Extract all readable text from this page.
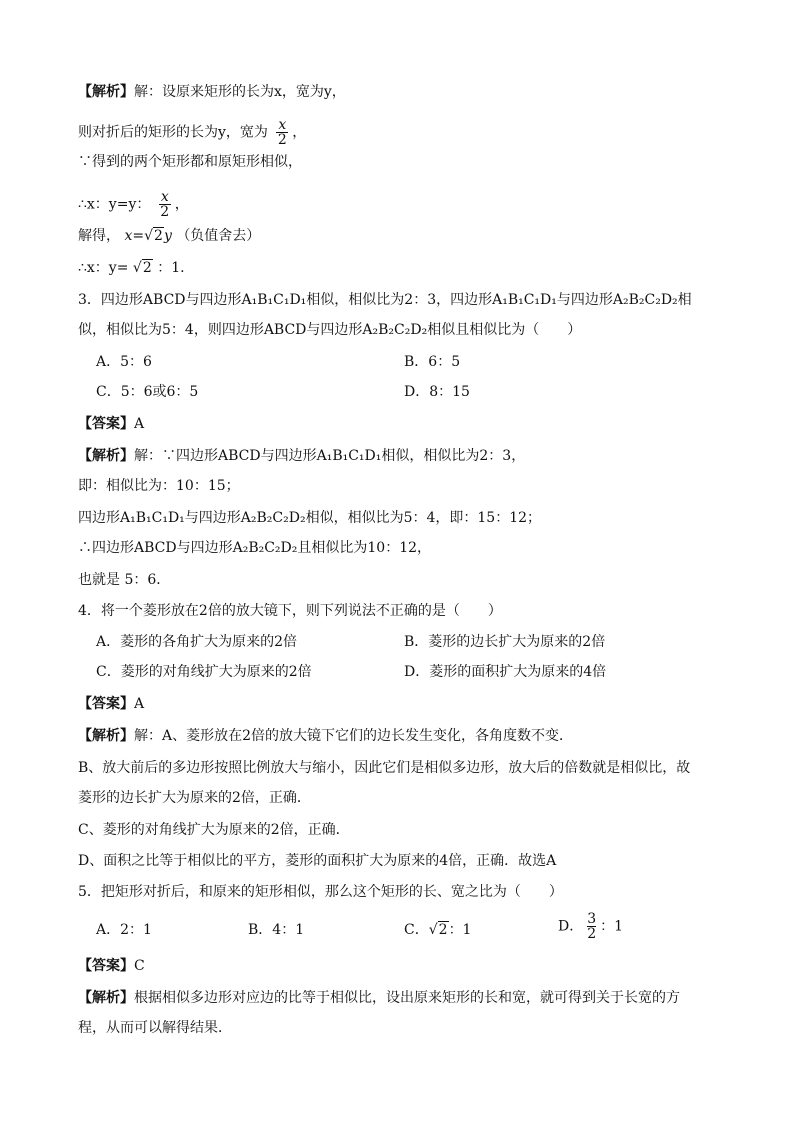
【解析】解：设原来矩形的长为x，宽为y，
则对折后的矩形的长为y，宽为 $\frac{x}{2}$ ，
∵得到的两个矩形都和原矩形相似，
∴x：y=y： $\frac{x}{2}$ ，
解得， x=√2y （负值舍去）
∴x：y= √2 ：1.
3．四边形ABCD与四边形A₁B₁C₁D₁相似，相似比为2：3，四边形A₁B₁C₁D₁与四边形A₂B₂C₂D₂相
似，相似比为5：4，则四边形ABCD与四边形A₂B₂C₂D₂相似且相似比为（　　）
A．5：6	B．6：5
C．5：6或6：5	D．8：15
【答案】A
【解析】解：∵四边形ABCD与四边形A₁B₁C₁D₁相似，相似比为2：3，
即：相似比为：10：15；
四边形A₁B₁C₁D₁与四边形A₂B₂C₂D₂相似，相似比为5：4，即：15：12；
∴四边形ABCD与四边形A₂B₂C₂D₂且相似比为10：12，
也就是 5：6．
4．将一个菱形放在2倍的放大镜下，则下列说法不正确的是（　　）
A．菱形的各角扩大为原来的2倍	B．菱形的边长扩大为原来的2倍
C．菱形的对角线扩大为原来的2倍	D．菱形的面积扩大为原来的4倍
【答案】A
【解析】解：A、菱形放在2倍的放大镜下它们的边长发生变化，各角度数不变．
B、放大前后的多边形按照比例放大与缩小，因此它们是相似多边形，放大后的倍数就是相似比，故
菱形的边长扩大为原来的2倍，正确．
C、菱形的对角线扩大为原来的2倍，正确．
D、面积之比等于相似比的平方，菱形的面积扩大为原来的4倍，正确．故选A
5．把矩形对折后，和原来的矩形相似，那么这个矩形的长、宽之比为（　　）
A．2：1	B．4：1	C．√2：1	D． $\frac{3}{2}$ ：1
【答案】C
【解析】根据相似多边形对应边的比等于相似比，设出原来矩形的长和宽，就可得到关于长宽的方
程，从而可以解得结果．
